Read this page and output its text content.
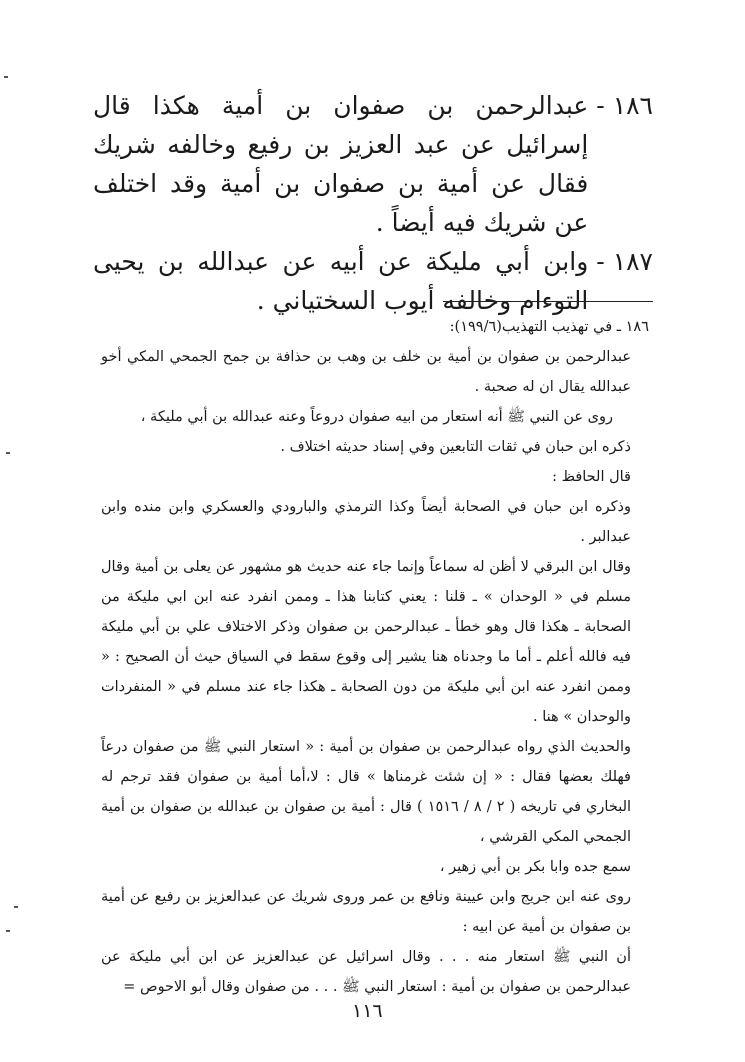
١٨٦ -
عبدالرحمن بن صفوان بن أمية هكذا قال إسرائيل عن عبد العزيز بن رفيع وخالفه شريك فقال عن أمية بن صفوان بن أمية وقد اختلف عن شريك فيه أيضاً .

١٨٧ -
وابن أبي مليكة عن أبيه عن عبدالله بن يحيى التوءام وخالفه أيوب السختياني .

١٨٦ ـ في تهذيب التهذيب(١٩٩/٦):

عبدالرحمن بن صفوان بن أمية بن خلف بن وهب بن حذافة بن جمح الجمحي المكي أخو عبدالله يقال ان له صحبة .

روى عن النبي ﷺ أنه استعار من ابيه صفوان دروعاً وعنه عبدالله بن أبي مليكة ،

ذكره ابن حبان في ثقات التابعين وفي إسناد حديثه اختلاف .

قال الحافظ :

وذكره ابن حبان في الصحابة أيضاً وكذا الترمذي والبارودي والعسكري وابن منده وابن عبدالبر .

وقال ابن البرقي لا أظن له سماعاً وإنما جاء عنه حديث هو مشهور عن يعلى بن أمية وقال مسلم في « الوحدان » ـ قلنا : يعني كتابنا هذا ـ وممن انفرد عنه ابن ابي مليكة من الصحابة ـ هكذا قال وهو خطأ ـ عبدالرحمن بن صفوان وذكر الاختلاف علي بن أبي مليكة فيه فالله أعلم ـ أما ما وجدناه هنا يشير إلى وقوع سقط في السياق حيث أن الصحيح : « وممن انفرد عنه ابن أبي مليكة من دون الصحابة ـ هكذا جاء عند مسلم في « المنفردات والوحدان » هنا .

والحديث الذي رواه عبدالرحمن بن صفوان بن أمية : « استعار النبي ﷺ من صفوان درعاً فهلك بعضها فقال : « إن شئت غرمناها » قال : لا،أما أمية بن صفوان فقد ترجم له البخاري في تاريخه ( ٢ / ٨ / ١٥١٦ ) قال : أمية بن صفوان بن عبدالله بن صفوان بن أمية الجمحي المكي القرشي ،

سمع جده وابا بكر بن أبي زهير ،

روى عنه ابن جريج وابن عيينة ونافع بن عمر وروى شريك عن عبدالعزيز بن رفيع عن أمية بن صفوان بن أمية عن ابيه :

أن النبي ﷺ استعار منه . . . وقال اسرائيل عن عبدالعزيز عن ابن أبي مليكة عن عبدالرحمن بن صفوان بن أمية : استعار النبي ﷺ . . . من صفوان وقال أبو الاحوص =

١١٦
